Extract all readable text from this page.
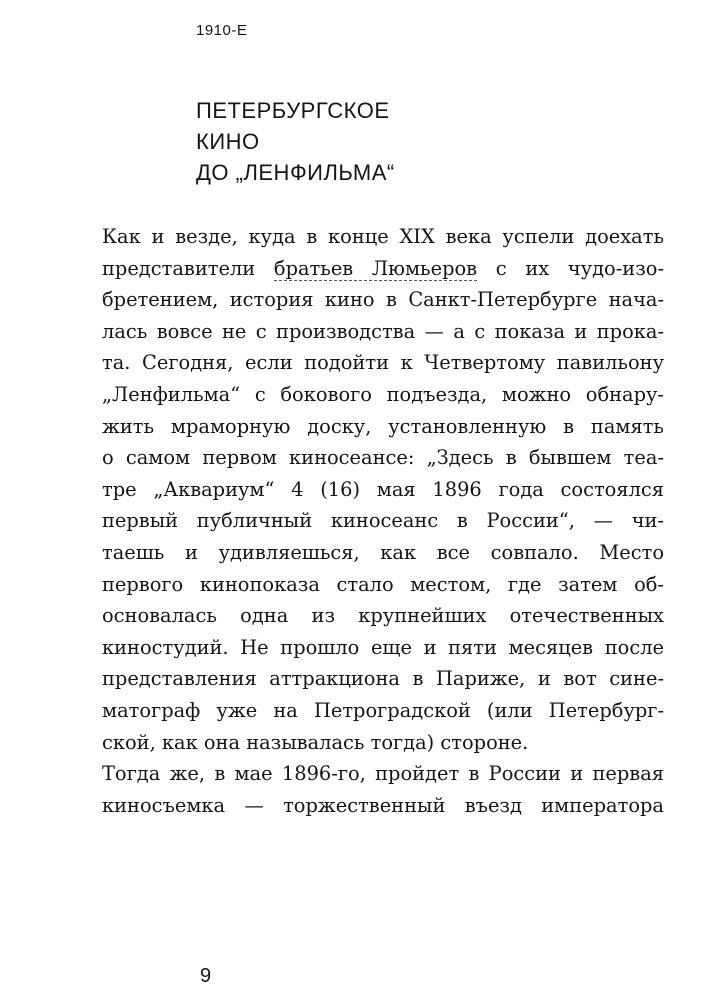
1910-Е

ПЕТЕРБУРГСКОЕ
КИНО
ДО „ЛЕНФИЛЬМА“
Как и везде, куда в конце XIX века успели доехать
представители братьев Люмьеров с их чудо-изо-
бретением, история кино в Санкт-Петербурге нача-
лась вовсе не с производства — а с показа и прока-
та. Сегодня, если подойти к Четвертому павильону
„Ленфильма“ с бокового подъезда, можно обнару-
жить мраморную доску, установленную в память
о самом первом киносеансе: „Здесь в бывшем теа-
тре „Аквариум“ 4 (16) мая 1896 года состоялся
первый публичный киносеанс в России“, — чи-
таешь и удивляешься, как все совпало. Место
первого кинопоказа стало местом, где затем об-
основалась одна из крупнейших отечественных
киностудий. Не прошло еще и пяти месяцев после
представления аттракциона в Париже, и вот сине-
матограф уже на Петроградской (или Петербург-
ской, как она называлась тогда) стороне.
Тогда же, в мае 1896-го, пройдет в России и первая
киносъемка — торжественный въезд императора

9
